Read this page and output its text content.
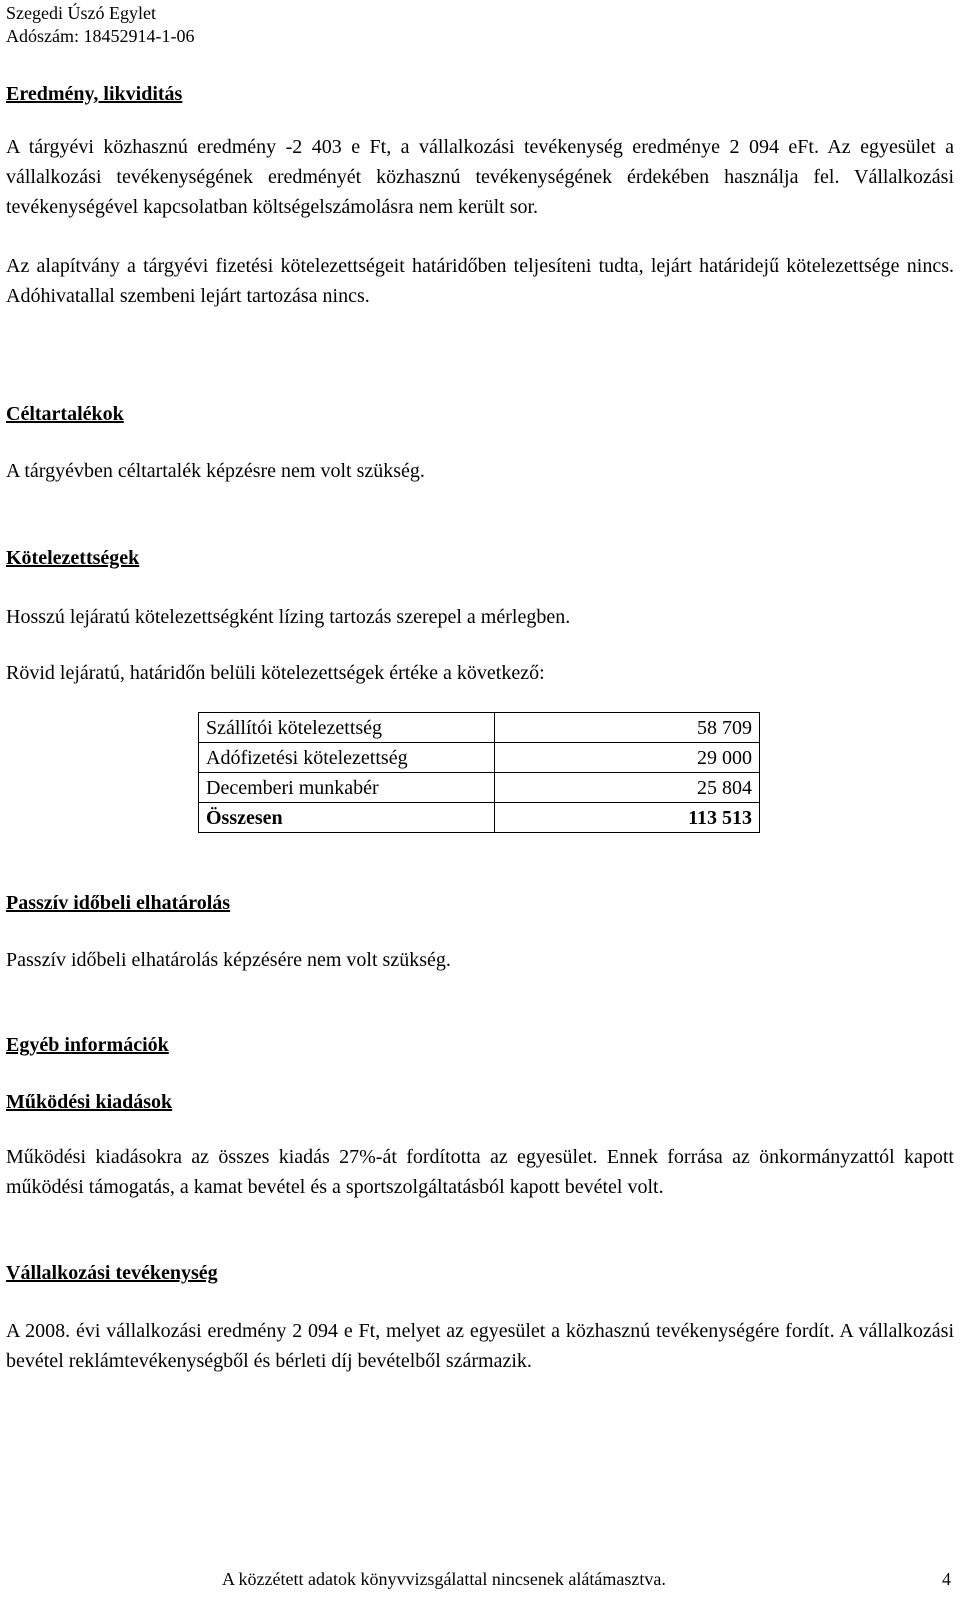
Szegedi Úszó Egylet
Adószám: 18452914-1-06
Eredmény, likviditás
A tárgyévi közhasznú eredmény -2 403 e Ft, a vállalkozási tevékenység eredménye 2 094 eFt. Az egyesület a vállalkozási tevékenységének eredményét közhasznú tevékenységének érdekében használja fel. Vállalkozási tevékenységével kapcsolatban költségelszámolásra nem került sor.
Az alapítvány a tárgyévi fizetési kötelezettségeit határidőben teljesíteni tudta, lejárt határidejű kötelezettsége nincs. Adóhivatallal szembeni lejárt tartozása nincs.
Céltartalékok
A tárgyévben céltartalék képzésre nem volt szükség.
Kötelezettségek
Hosszú lejáratú kötelezettségként lízing tartozás szerepel a mérlegben.
Rövid lejáratú, határidőn belüli kötelezettségek értéke a következő:
Szállítói kötelezettség	58 709
Adófizetési kötelezettség	29 000
Decemberi munkabér	25 804
Összesen	113 513
Passzív időbeli elhatárolás
Passzív időbeli elhatárolás képzésére nem volt szükség.
Egyéb információk
Működési kiadások
Működési kiadásokra az összes kiadás 27%-át fordította az egyesület. Ennek forrása az önkormányzattól kapott működési támogatás, a kamat bevétel és a sportszolgáltatásból kapott bevétel volt.
Vállalkozási tevékenység
A 2008. évi vállalkozási eredmény 2 094 e Ft, melyet az egyesület a közhasznú tevékenységére fordít. A vállalkozási bevétel reklámtevékenységből és bérleti díj bevételből származik.
A közzétett adatok könyvvizsgálattal nincsenek alátámasztva.	4
